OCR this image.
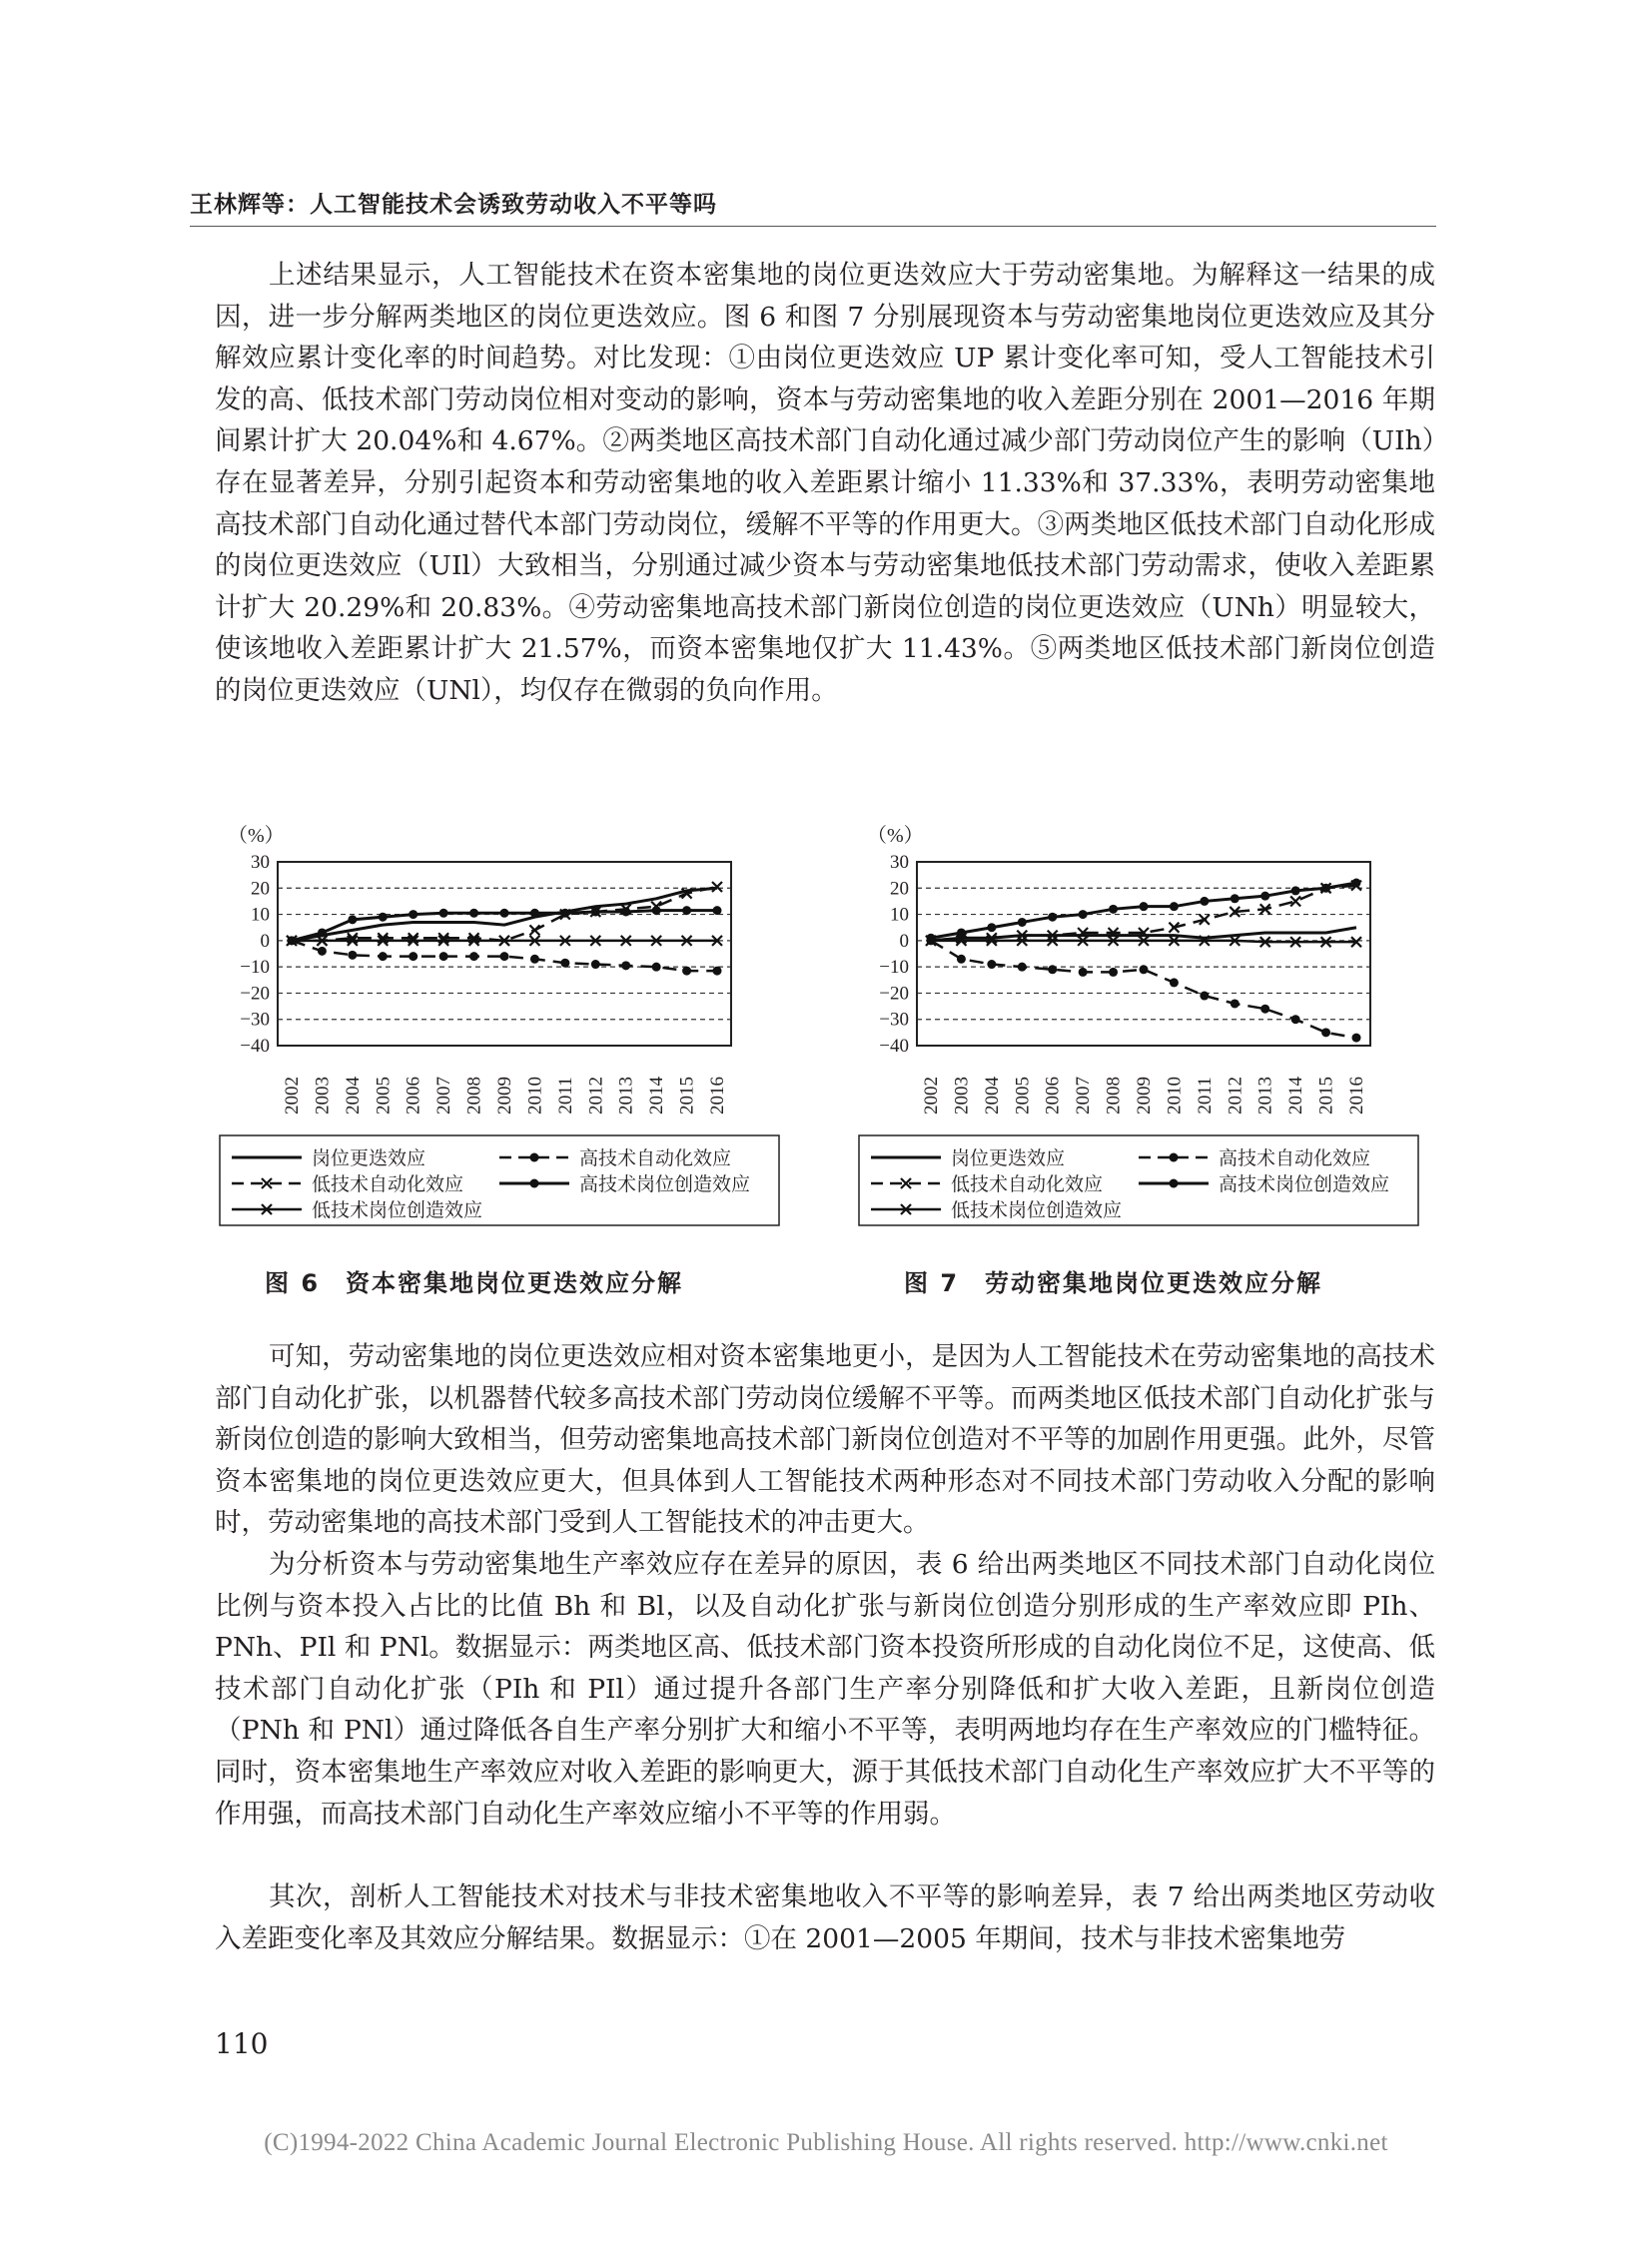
王林辉等：人工智能技术会诱致劳动收入不平等吗

上述结果显示，人工智能技术在资本密集地的岗位更迭效应大于劳动密集地。为解释这一结果的成因，进一步分解两类地区的岗位更迭效应。图 6 和图 7 分别展现资本与劳动密集地岗位更迭效应及其分解效应累计变化率的时间趋势。对比发现：①由岗位更迭效应 UP 累计变化率可知，受人工智能技术引发的高、低技术部门劳动岗位相对变动的影响，资本与劳动密集地的收入差距分别在 2001—2016 年期间累计扩大 20.04%和 4.67%。②两类地区高技术部门自动化通过减少部门劳动岗位产生的影响（UIh）存在显著差异，分别引起资本和劳动密集地的收入差距累计缩小 11.33%和 37.33%，表明劳动密集地高技术部门自动化通过替代本部门劳动岗位，缓解不平等的作用更大。③两类地区低技术部门自动化形成的岗位更迭效应（UIl）大致相当，分别通过减少资本与劳动密集地低技术部门劳动需求，使收入差距累计扩大 20.29%和 20.83%。④劳动密集地高技术部门新岗位创造的岗位更迭效应（UNh）明显较大，使该地收入差距累计扩大 21.57%，而资本密集地仅扩大 11.43%。⑤两类地区低技术部门新岗位创造的岗位更迭效应（UNl），均仅存在微弱的负向作用。

（%）
30
20
10
0
−10
−20
−30
−40
2002 2003 2004 2005 2006 2007 2008 2009 2010 2011 2012 2013 2014 2015 2016
岗位更迭效应	高技术自动化效应
低技术自动化效应	高技术岗位创造效应
低技术岗位创造效应
图 6　资本密集地岗位更迭效应分解
（%）
30
20
10
0
−10
−20
−30
−40
2002 2003 2004 2005 2006 2007 2008 2009 2010 2011 2012 2013 2014 2015 2016
岗位更迭效应	高技术自动化效应
低技术自动化效应	高技术岗位创造效应
低技术岗位创造效应
图 7　劳动密集地岗位更迭效应分解

可知，劳动密集地的岗位更迭效应相对资本密集地更小，是因为人工智能技术在劳动密集地的高技术部门自动化扩张，以机器替代较多高技术部门劳动岗位缓解不平等。而两类地区低技术部门自动化扩张与新岗位创造的影响大致相当，但劳动密集地高技术部门新岗位创造对不平等的加剧作用更强。此外，尽管资本密集地的岗位更迭效应更大，但具体到人工智能技术两种形态对不同技术部门劳动收入分配的影响时，劳动密集地的高技术部门受到人工智能技术的冲击更大。

为分析资本与劳动密集地生产率效应存在差异的原因，表 6 给出两类地区不同技术部门自动化岗位比例与资本投入占比的比值 Bh 和 Bl，以及自动化扩张与新岗位创造分别形成的生产率效应即 PIh、PNh、PIl 和 PNl。数据显示：两类地区高、低技术部门资本投资所形成的自动化岗位不足，这使高、低技术部门自动化扩张（PIh 和 PIl）通过提升各部门生产率分别降低和扩大收入差距，且新岗位创造（PNh 和 PNl）通过降低各自生产率分别扩大和缩小不平等，表明两地均存在生产率效应的门槛特征。同时，资本密集地生产率效应对收入差距的影响更大，源于其低技术部门自动化生产率效应扩大不平等的作用强，而高技术部门自动化生产率效应缩小不平等的作用弱。

其次，剖析人工智能技术对技术与非技术密集地收入不平等的影响差异，表 7 给出两类地区劳动收入差距变化率及其效应分解结果。数据显示：①在 2001—2005 年期间，技术与非技术密集地劳

110
(C)1994-2022 China Academic Journal Electronic Publishing House. All rights reserved. http://www.cnki.net
